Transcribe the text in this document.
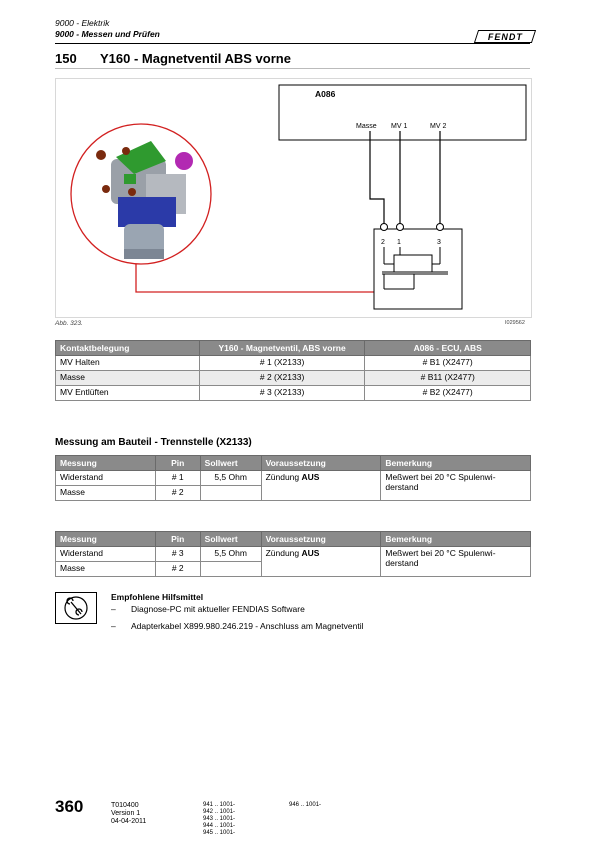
9000 - Elektrik
9000 - Messen und Prüfen	FENDT
150 Y160 - Magnetventil ABS vorne
A086
Masse MV 1	MV 2
2 1	3
Abb. 323.	I029562
Kontaktbelegung	Y160 - Magnetventil, ABS vorne	A086 - ECU, ABS
MV Halten	# 1 (X2133)	# B1 (X2477)
Masse	# 2 (X2133)	# B11 (X2477)
MV Entlüften	# 3 (X2133)	# B2 (X2477)
Messung am Bauteil - Trennstelle (X2133)
Messung	Pin	Sollwert	Voraussetzung	Bemerkung
Widerstand	# 1	5,5 Ohm	Zündung AUS	Meßwert bei 20 °C Spulenwi-derstand
Masse	# 2			
Messung	Pin	Sollwert	Voraussetzung	Bemerkung
Widerstand	# 3	5,5 Ohm	Zündung AUS	Meßwert bei 20 °C Spulenwi-derstand
Masse	# 2			
Empfohlene Hilfsmittel
– Diagnose-PC mit aktueller FENDIAS Software
– Adapterkabel X899.980.246.219 - Anschluss am Magnetventil
360	T010400
Version 1
04-04-2011
941 .. 1001-
942 .. 1001-
943 .. 1001-
944 .. 1001-
945 .. 1001-
946 .. 1001-
